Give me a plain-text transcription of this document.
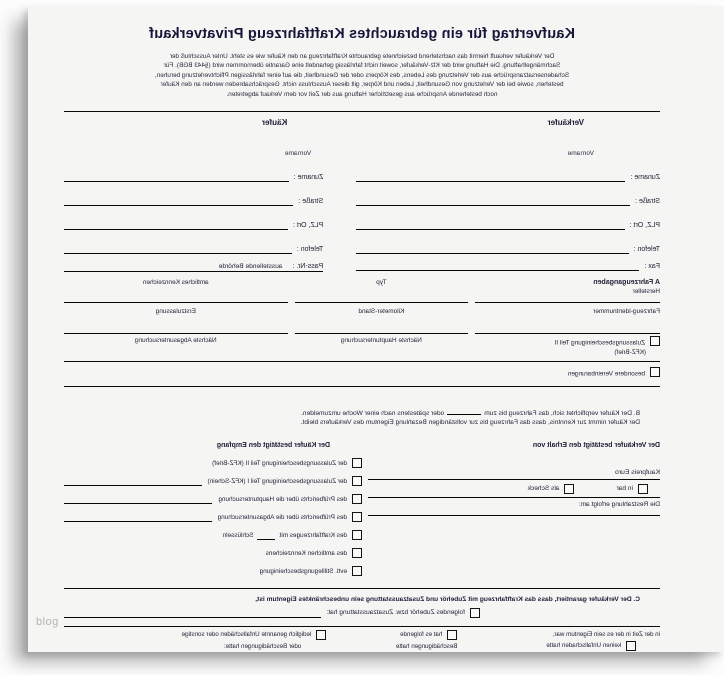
blog
Kaufvertrag für ein gebrauchtes Kraftfahrzeug Privatverkauf
Der Verkäufer verkauft hiermit das nachstehend bezeichnete gebrauchte Kraftfahrzeug an den Käufer wie es steht. Unter Ausschluß der
Sachmängelhaftung. Die Haftung wird der Kfz-Verkäufer, soweit nicht fahrlässig gehandelt eine Garantie übernommen wird (§443 BGB). Für
Schadensersatzansprüche aus der Verletzung des Lebens, des Körpers oder der Gesundheit, die auf einer fahrlässigen Pflichtverletzung beruhen,
bestehen, sowie bei der Verletzung von Gesundheit, Leben und Körper, gilt dieser Ausschluss nicht. Gesprächsabreden werden an den Käufer
noch bestehende Ansprüche aus gesetzlicher Haftung aus der Zeit vor dem Verkauf abgetreten.
Verkäufer
Vorname
Zuname :
Straße :
PLZ, Ort :
Telefon :
Fax :
Käufer
Vorname
Zuname :
Straße :
PLZ, Ort :
Telefon :
Pass-Nr. :
ausstellende Behörde
A Fahrzeugangaben
Hersteller
Typ
amtliches Kennzeichen
Fahrzeug-Identnummer
Kilometer-Stand
Erstzulassung
Zulassungsbescheinigung Teil II
(KFZ-Brief)
Nächste Hauptuntersuchung
Nächste Abgasuntersuchung
besondere Vereinbarungen
B. Der Käufer verpflichtet sich, das Fahrzeug bis zumoder spätestens nach einer Woche umzumelden.
Der Käufer nimmt zur Kenntnis, dass das Fahrzeug bis zur vollständigen Bezahlung Eigentum des Verkäufers bleibt.
Der Verkäufer bestätigt den Erhalt von
Kaufpreis Euro
in bar
als Scheck
Die Restzahlung erfolgt am:
Der Käufer bestätigt den Empfang
der Zulassungsbescheinigung Teil II (KFZ-Brief)
der Zulassungsbescheinigung Teil I (KFZ-Schein)
des Prüfberichts über die Hauptuntersuchung
des Prüfberichts über die Abgasuntersuchung
des Kraftfahrzeuges mit
Schlüsseln
des amtlichen Kennzeichens
evtl. Stilllegungsbescheinigung
C. Der Verkäufer garantiert, dass das Kraftfahrzeug mit Zubehör und Zusatzausstattung sein unbeschränktes Eigentum ist,
folgendes Zubehör bzw. Zusatzausstattung hat:
in der Zeit in der es sein Eigentum war,
keinen Unfallschaden hatte
hat es folgende
Beschädigungen hatte
lediglich genannte Unfallschäden oder sonstige
oder Beschädigungen hatte:
